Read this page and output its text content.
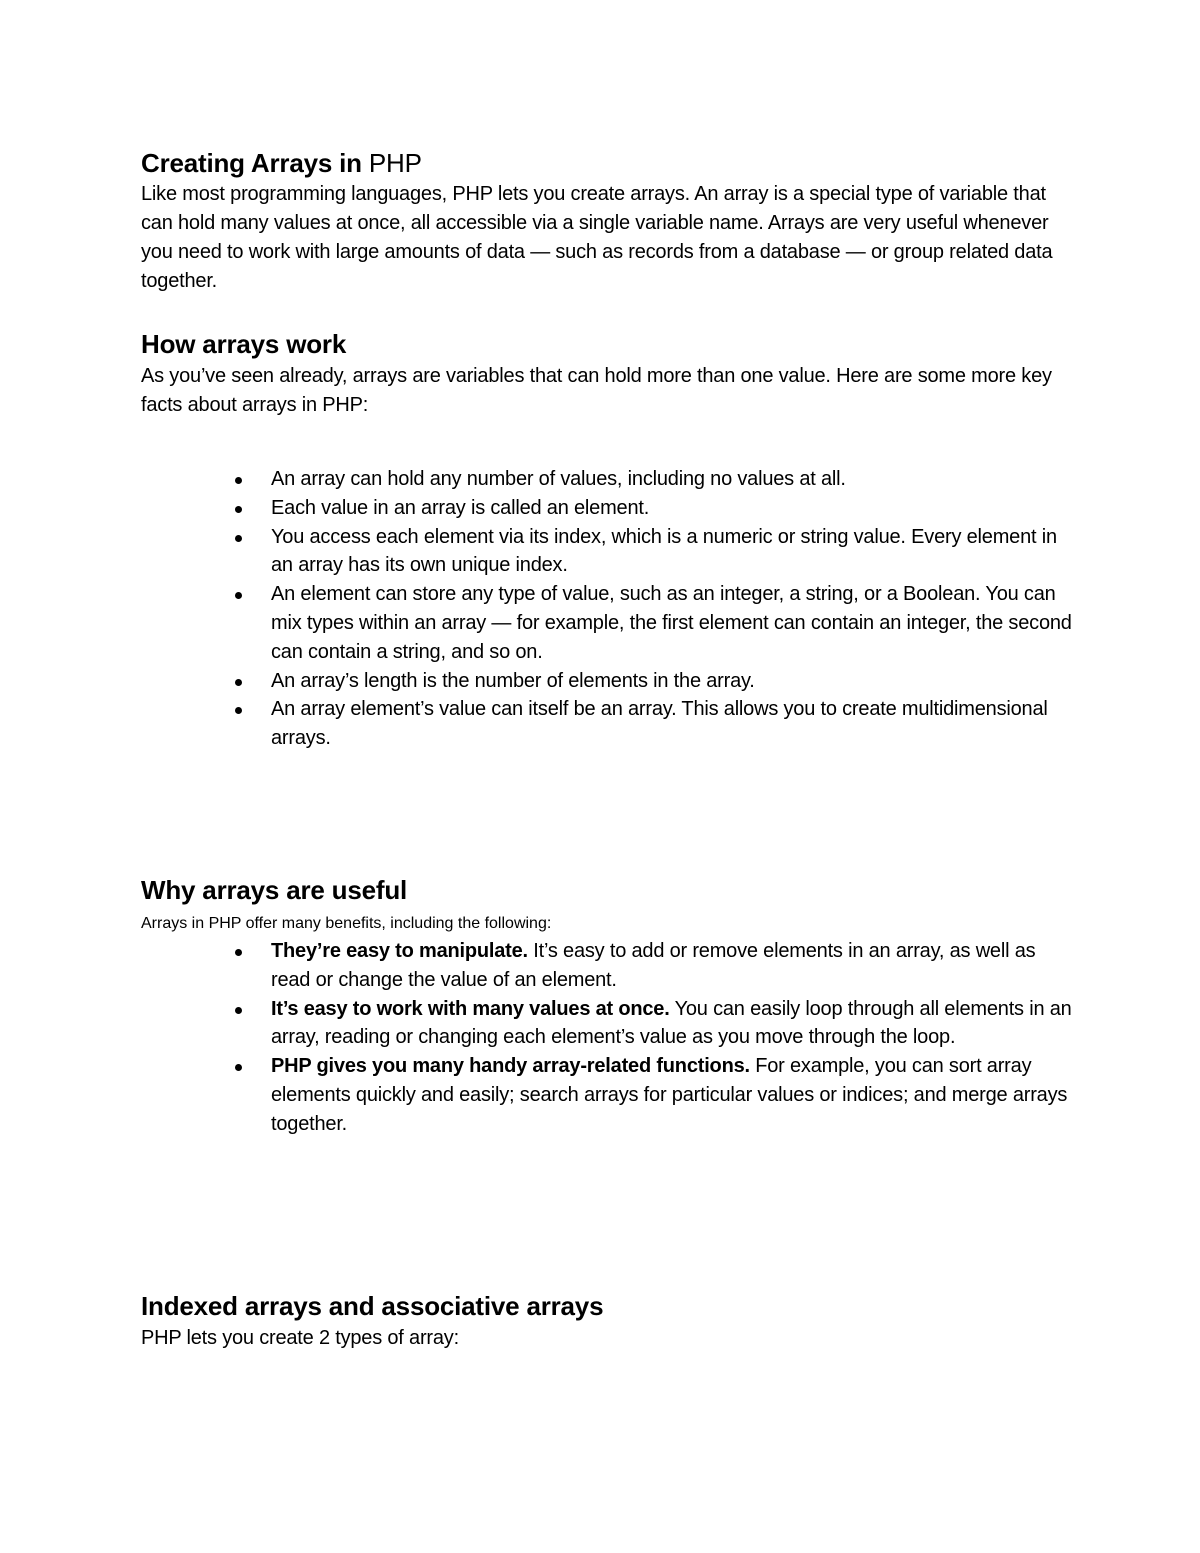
Creating Arrays in PHP

Like most programming languages, PHP lets you create arrays. An array is a special type of variable that can hold many values at once, all accessible via a single variable name. Arrays are very useful whenever you need to work with large amounts of data — such as records from a database — or group related data together.

How arrays work

As you’ve seen already, arrays are variables that can hold more than one value. Here are some more key facts about arrays in PHP:

An array can hold any number of values, including no values at all.
Each value in an array is called an element.
You access each element via its index, which is a numeric or string value. Every element in an array has its own unique index.
An element can store any type of value, such as an integer, a string, or a Boolean. You can mix types within an array — for example, the first element can contain an integer, the second can contain a string, and so on.
An array’s length is the number of elements in the array.
An array element’s value can itself be an array. This allows you to create multidimensional arrays.
Why arrays are useful

Arrays in PHP offer many benefits, including the following:

They’re easy to manipulate. It’s easy to add or remove elements in an array, as well as read or change the value of an element.
It’s easy to work with many values at once. You can easily loop through all elements in an array, reading or changing each element’s value as you move through the loop.
PHP gives you many handy array-related functions. For example, you can sort array elements quickly and easily; search arrays for particular values or indices; and merge arrays together.
Indexed arrays and associative arrays

PHP lets you create 2 types of array:
